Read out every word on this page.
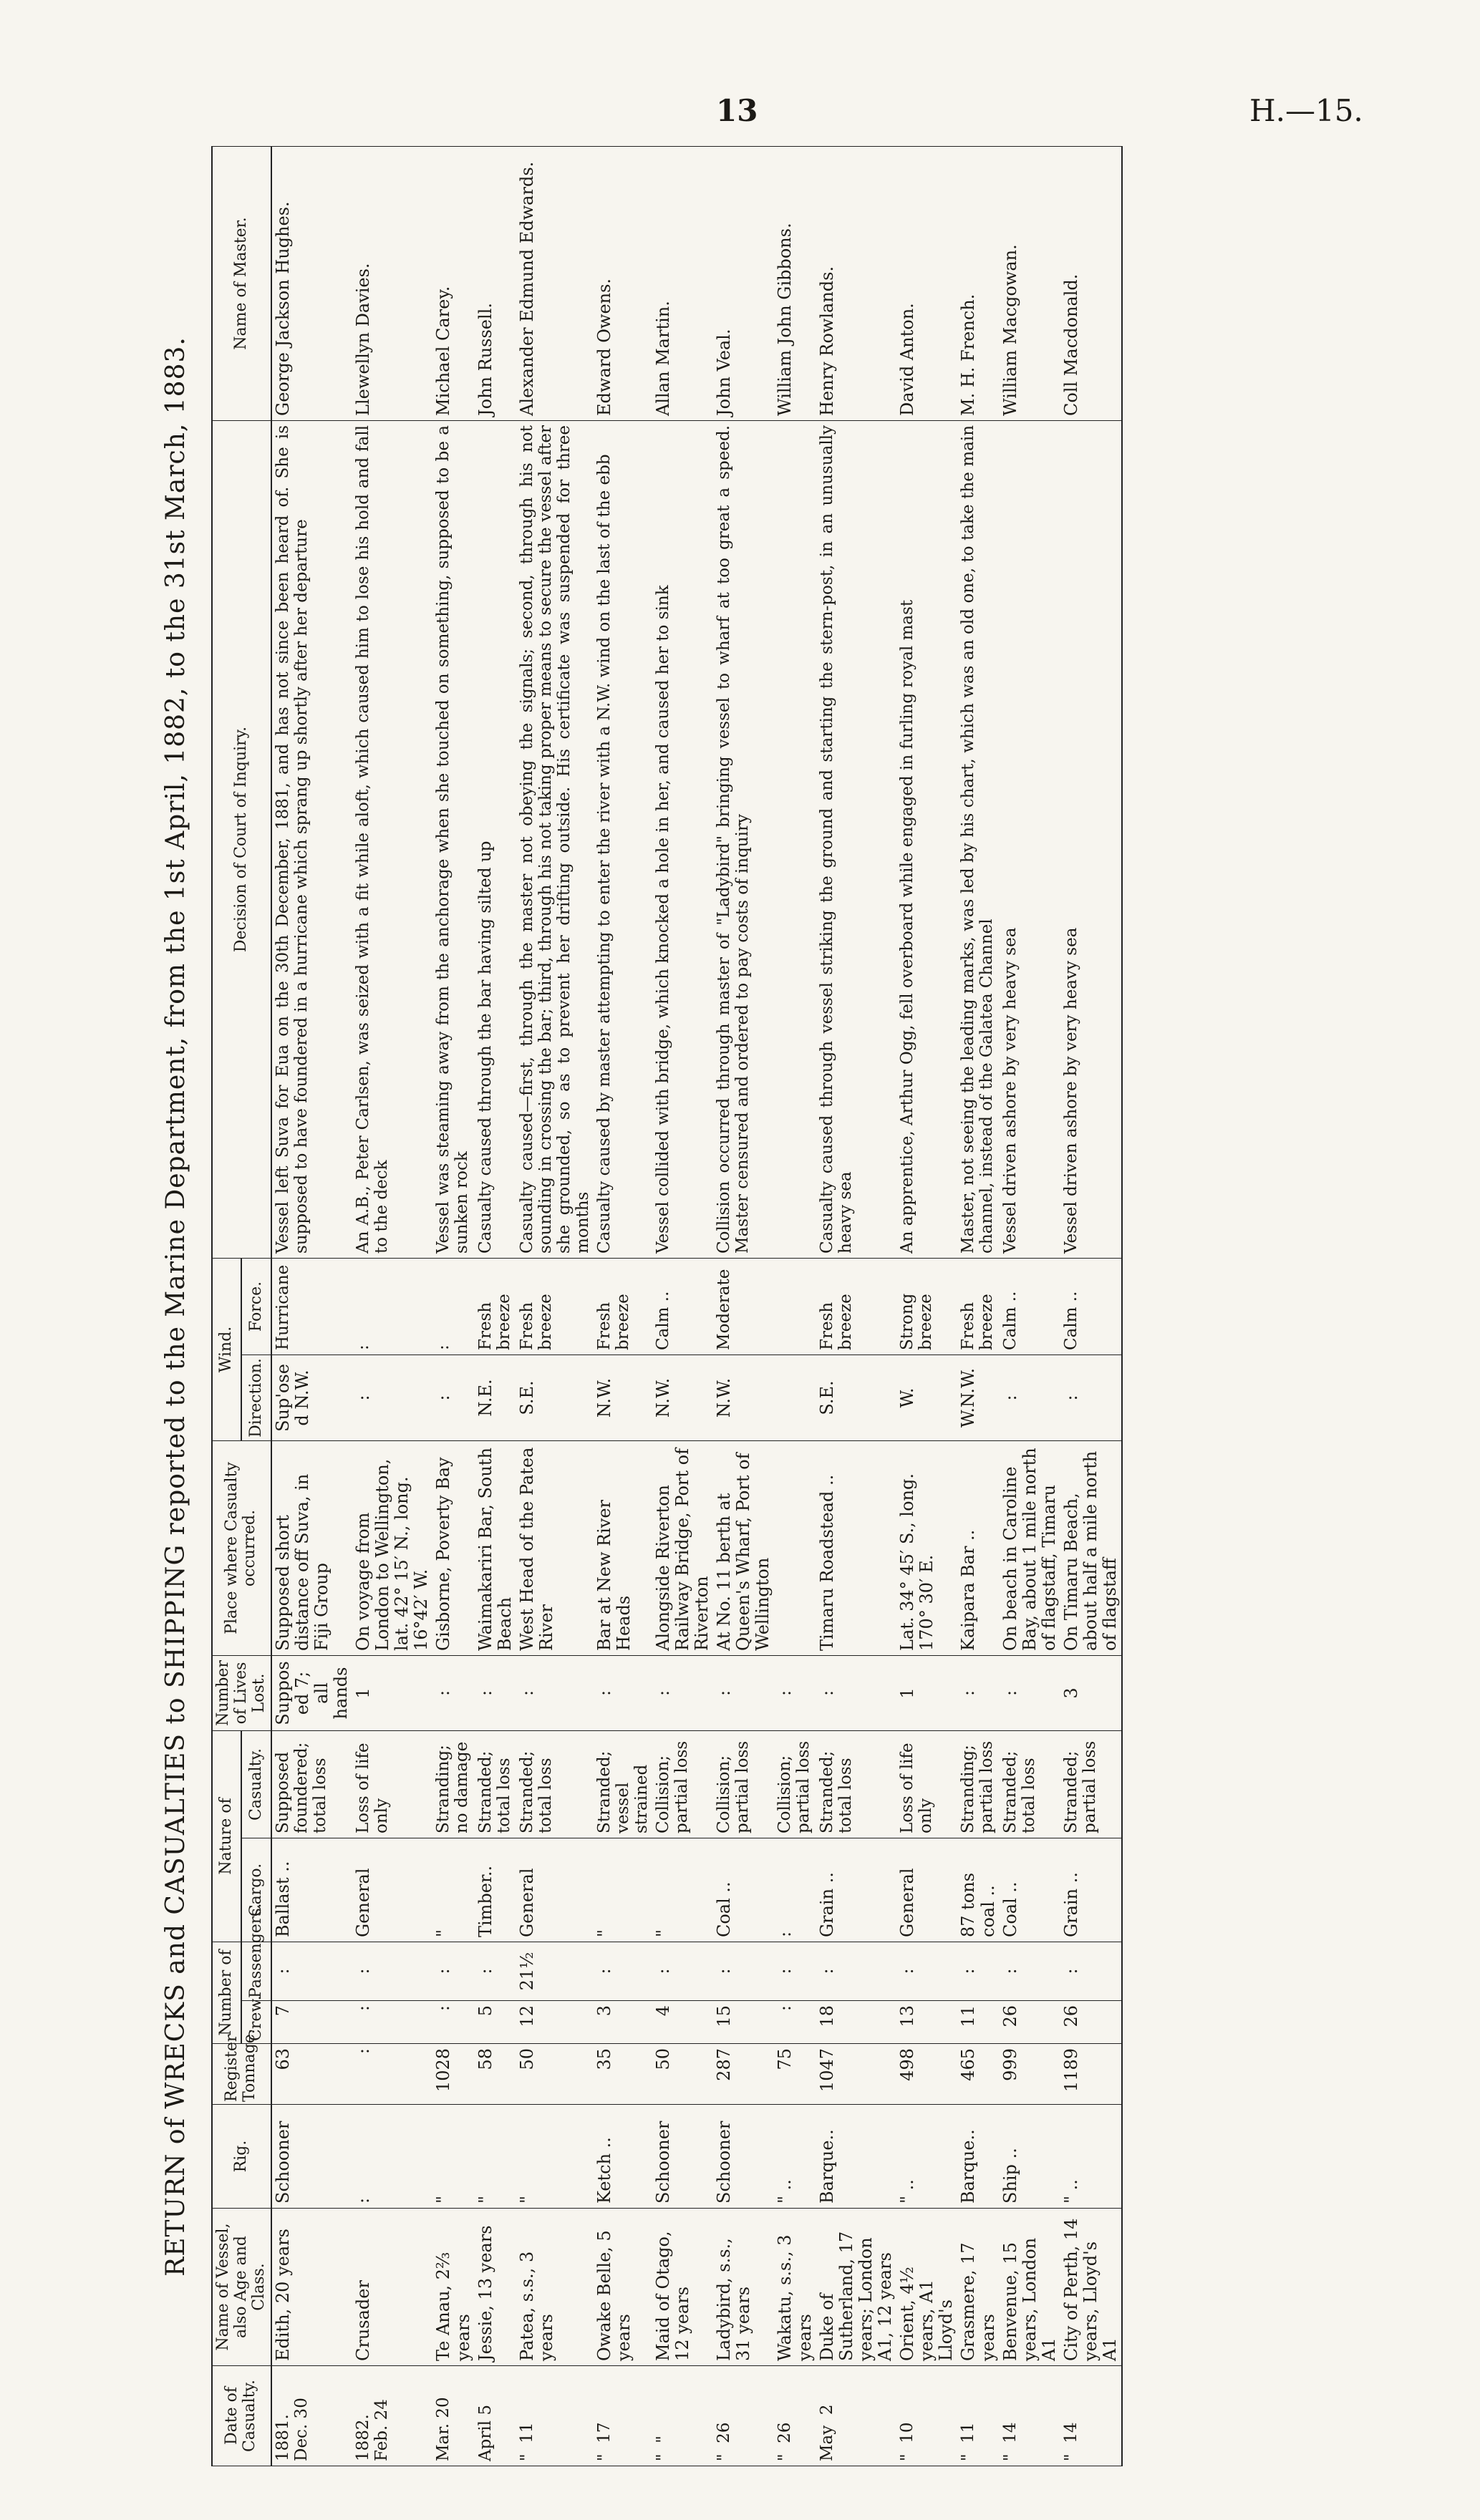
13	H.—15.
RETURN of WRECKS and CASUALTIES to SHIPPING reported to the Marine Department, from the 1st April, 1882, to the 31st March, 1883.
Date of Casualty.	Name of Vessel, also Age and Class.	Rig.	Register Tonnage.	Number of		Nature of		Number of Lives Lost.	Place where Casualty occurred.	Wind.		Decision of Court of Inquiry.	Name of Master.
				Crew.	Passengers.	Cargo.	Casualty.			Direction.	Force.		
1881.
Dec. 30	Edith, 20 years	Schooner	63	7	:	Ballast ..	Supposed foundered; total loss	Supposed 7; all hands	Supposed short distance off Suva, in Fiji Group	Sup'osed N.W.	Hurricane	Vessel left Suva for Eua on the 30th December, 1881, and has not since been heard of. She is supposed to have foundered in a hurricane which sprang up shortly after her departure	George Jackson Hughes.
1882.
Feb. 24	Crusader	:	:	:	:	General	Loss of life only	1	On voyage from London to Wellington, lat. 42° 15′ N., long. 16°42′ W.	:	:	An A.B., Peter Carlsen, was seized with a fit while aloft, which caused him to lose his hold and fall to the deck	Llewellyn Davies.
Mar. 20	Te Anau, 2⅔ years	"	1028	:	:	"	Stranding; no damage	:	Gisborne, Poverty Bay	:	:	Vessel was steaming away from the anchorage when she touched on something, supposed to be a sunken rock	Michael Carey.
April 5	Jessie, 13 years	"	58	5	:	Timber..	Stranded; total loss	:	Waimakariri Bar, South Beach	N.E.	Fresh breeze	Casualty caused through the bar having silted up	John Russell.
"  11	Patea, s.s., 3 years	"	50	12	21½	General	Stranded; total loss	:	West Head of the Patea River	S.E.	Fresh breeze	Casualty caused—first, through the master not obeying the signals; second, through his not sounding in crossing the bar; third, through his not taking proper means to secure the vessel after she grounded, so as to prevent her drifting outside. His certificate was suspended for three months	Alexander Edmund Edwards.
"  17	Owake Belle, 5 years	Ketch ..	35	3	:	"	Stranded; vessel strained	:	Bar at New River Heads	N.W.	Fresh breeze	Casualty caused by master attempting to enter the river with a N.W. wind on the last of the ebb	Edward Owens.
"  "	Maid of Otago, 12 years	Schooner	50	4	:	"	Collision; partial loss	:	Alongside Riverton Railway Bridge, Port of Riverton	N.W.	Calm ..	Vessel collided with bridge, which knocked a hole in her, and caused her to sink	Allan Martin.
"  26	Ladybird, s.s., 31 years	Schooner	287	15	:	Coal ..	Collision; partial loss	:	At No. 11 berth at Queen's Wharf, Port of Wellington	N.W.	Moderate	Collision occurred through master of "Ladybird" bringing vessel to wharf at too great a speed. Master censured and ordered to pay costs of inquiry	John Veal.
"  26	Wakatu, s.s., 3 years	" ..	75	:	:	:	Collision; partial loss	:					William John Gibbons.
May  2	Duke of Sutherland, 17 years; London A1, 12 years	Barque..	1047	18	:	Grain ..	Stranded; total loss	:	Timaru Roadstead ..	S.E.	Fresh breeze	Casualty caused through vessel striking the ground and starting the stern-post, in an unusually heavy sea	Henry Rowlands.
"  10	Orient, 4½ years, A1 Lloyd's	" ..	498	13	:	General	Loss of life only	1	Lat. 34° 45′ S., long. 170° 30′ E.	W.	Strong breeze	An apprentice, Arthur Ogg, fell overboard while engaged in furling royal mast	David Anton.
"  11	Grasmere, 17 years	Barque..	465	11	:	87 tons coal ..	Stranding; partial loss	:	Kaipara Bar ..	W.N.W.	Fresh breeze	Master, not seeing the leading marks, was led by his chart, which was an old one, to take the main channel, instead of the Galatea Channel	M. H. French.
"  14	Benvenue, 15 years, London A1	Ship ..	999	26	:	Coal ..	Stranded; total loss	:	On beach in Caroline Bay, about 1 mile north of flagstaff, Timaru	:	Calm ..	Vessel driven ashore by very heavy sea	William Macgowan.
"  14	City of Perth, 14 years, Lloyd's A1	" ..	1189	26	:	Grain ..	Stranded; partial loss	3	On Timaru Beach, about half a mile north of flagstaff	:	Calm ..	Vessel driven ashore by very heavy sea	Coll Macdonald.
